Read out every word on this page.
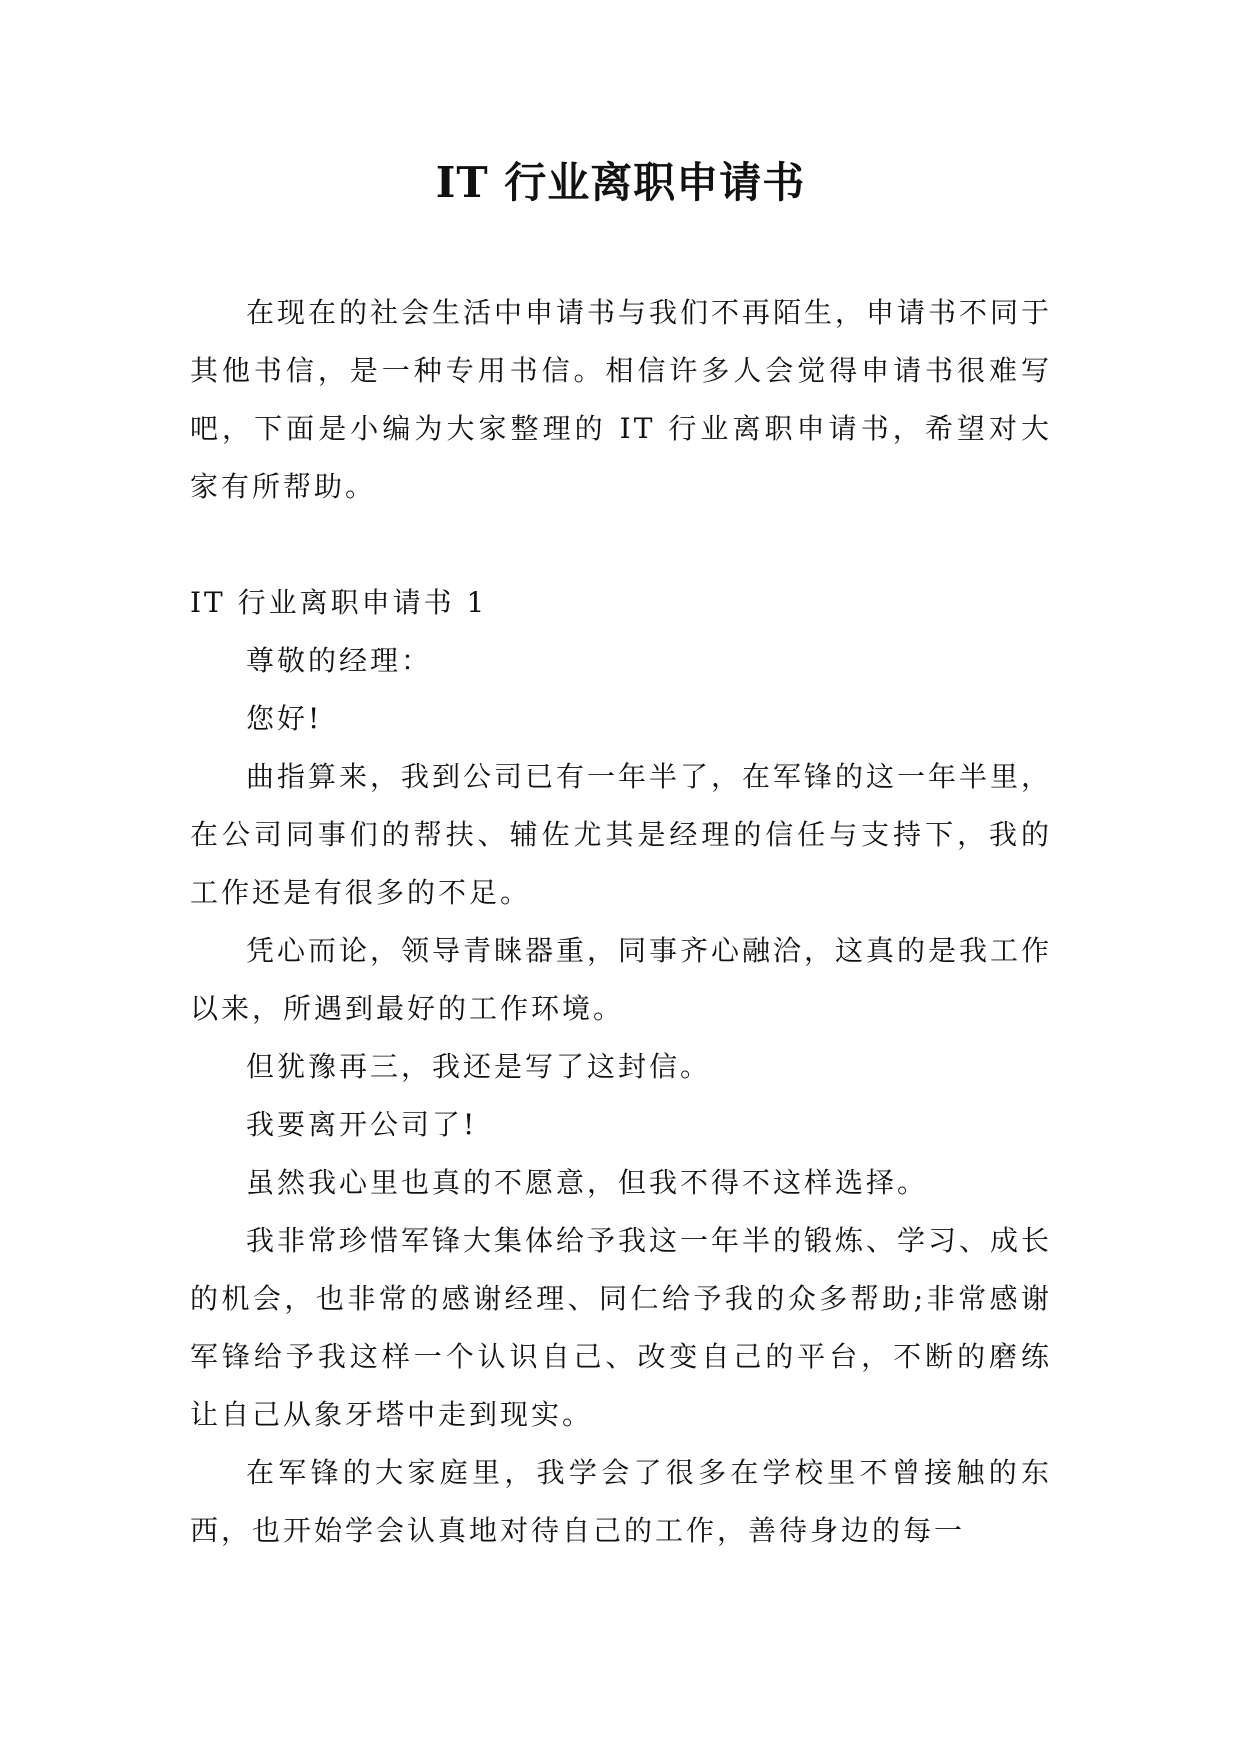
IT 行业离职申请书

在现在的社会生活中申请书与我们不再陌生，申请书不同于其他书信，是一种专用书信。相信许多人会觉得申请书很难写吧，下面是小编为大家整理的 IT 行业离职申请书，希望对大家有所帮助。

IT 行业离职申请书 1

尊敬的经理：

您好!

曲指算来，我到公司已有一年半了，在军锋的这一年半里，在公司同事们的帮扶、辅佐尤其是经理的信任与支持下，我的工作还是有很多的不足。

凭心而论，领导青睐器重，同事齐心融洽，这真的是我工作以来，所遇到最好的工作环境。

但犹豫再三，我还是写了这封信。

我要离开公司了!

虽然我心里也真的不愿意，但我不得不这样选择。

我非常珍惜军锋大集体给予我这一年半的锻炼、学习、成长的机会，也非常的感谢经理、同仁给予我的众多帮助;非常感谢军锋给予我这样一个认识自己、改变自己的平台，不断的磨练让自己从象牙塔中走到现实。

在军锋的大家庭里，我学会了很多在学校里不曾接触的东西，也开始学会认真地对待自己的工作，善待身边的每一
